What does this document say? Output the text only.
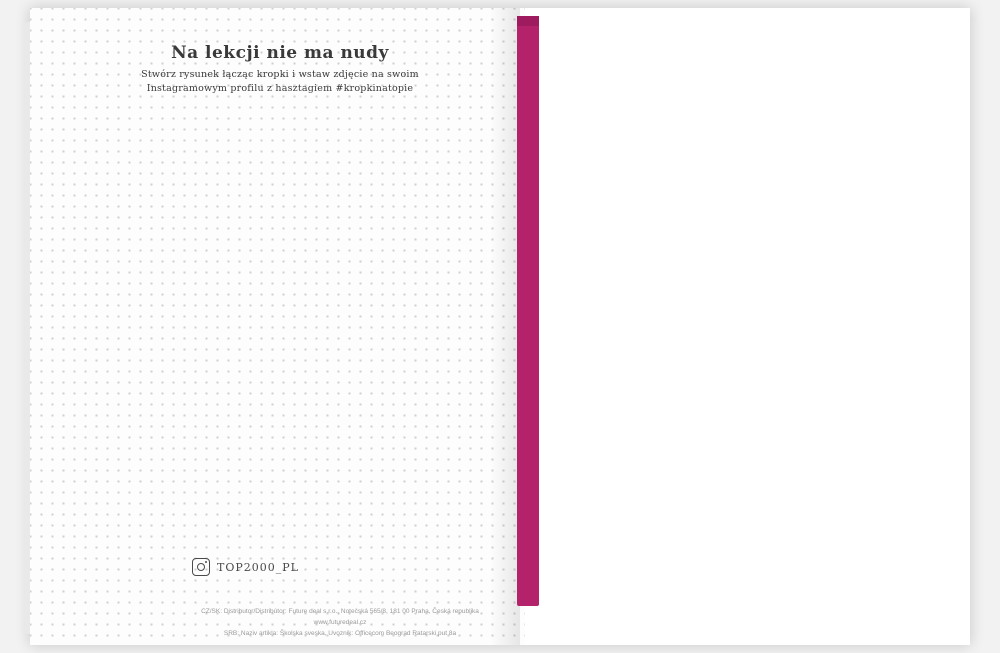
Na lekcji nie ma nudy
Stwórz rysunek łącząc kropki i wstaw zdjęcie na swoim
Instagramowym profilu z hasztagiem #kropkinatopie
TOP2000_PL
CZ/SK: Distributor/Distribútor: Future deal s.r.o., Notečská 565/8, 181 00 Praha, Česká republika
www.futuredeal.cz
SRB: Naziv artikla: Školska sveska, Uvoznik: Officecom Beograd Ratarski put 8a
